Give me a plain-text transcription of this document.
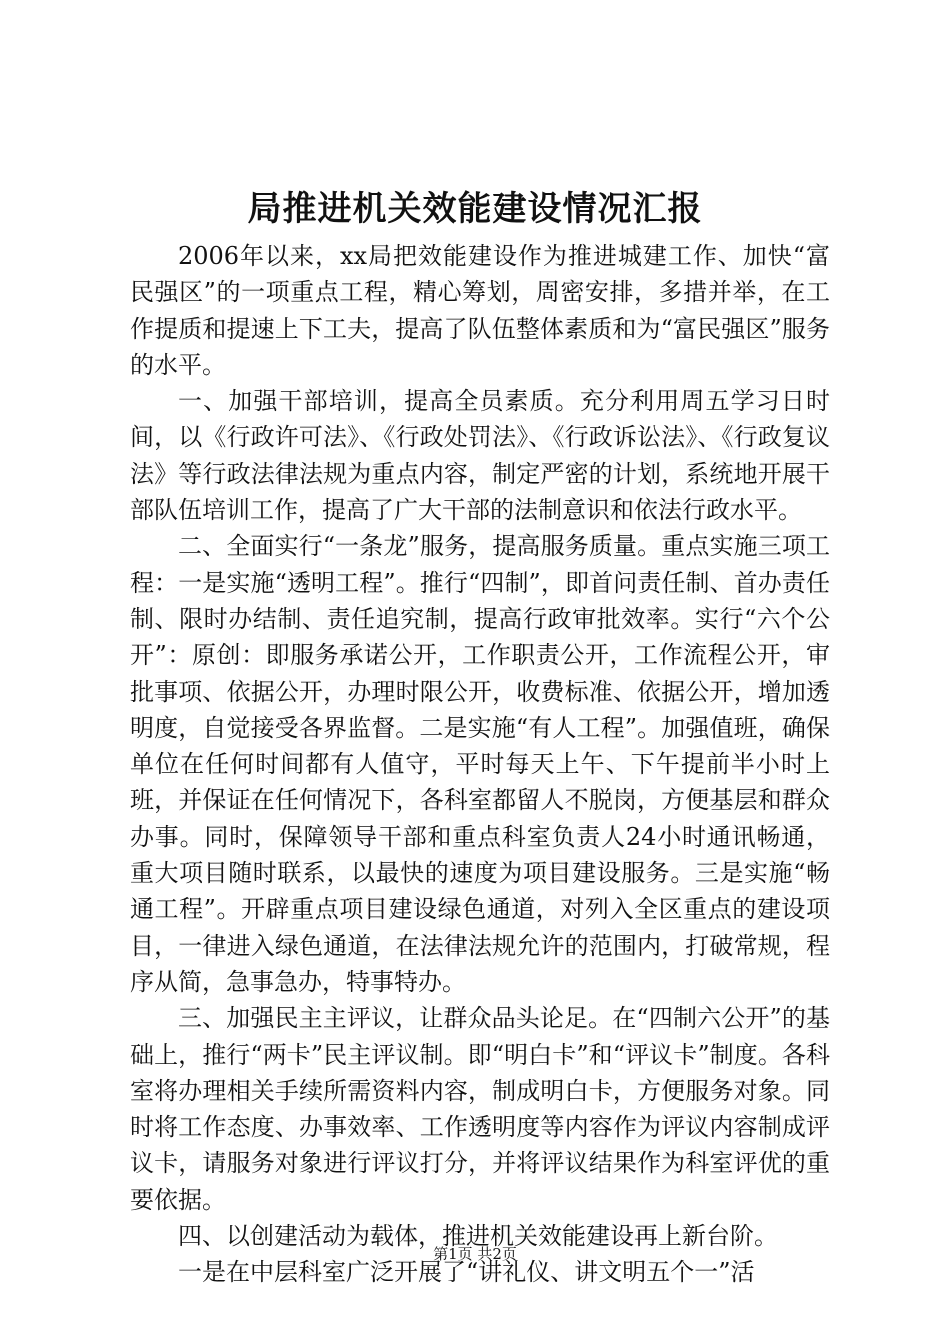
局推进机关效能建设情况汇报

2006年以来，xx局把效能建设作为推进城建工作、加快“富民强区”的一项重点工程，精心筹划，周密安排，多措并举，在工作提质和提速上下工夫，提高了队伍整体素质和为“富民强区”服务的水平。

一、加强干部培训，提高全员素质。充分利用周五学习日时间，以《行政许可法》、《行政处罚法》、《行政诉讼法》、《行政复议法》等行政法律法规为重点内容，制定严密的计划，系统地开展干部队伍培训工作，提高了广大干部的法制意识和依法行政水平。

二、全面实行“一条龙”服务，提高服务质量。重点实施三项工程：一是实施“透明工程”。推行“四制”，即首问责任制、首办责任制、限时办结制、责任追究制，提高行政审批效率。实行“六个公开”：原创：即服务承诺公开，工作职责公开，工作流程公开，审批事项、依据公开，办理时限公开，收费标准、依据公开，增加透明度，自觉接受各界监督。二是实施“有人工程”。加强值班，确保单位在任何时间都有人值守，平时每天上午、下午提前半小时上班，并保证在任何情况下，各科室都留人不脱岗，方便基层和群众办事。同时，保障领导干部和重点科室负责人24小时通讯畅通，重大项目随时联系，以最快的速度为项目建设服务。三是实施“畅通工程”。开辟重点项目建设绿色通道，对列入全区重点的建设项目，一律进入绿色通道，在法律法规允许的范围内，打破常规，程序从简，急事急办，特事特办。

三、加强民主主评议，让群众品头论足。在“四制六公开”的基础上，推行“两卡”民主评议制。即“明白卡”和“评议卡”制度。各科室将办理相关手续所需资料内容，制成明白卡，方便服务对象。同时将工作态度、办事效率、工作透明度等内容作为评议内容制成评议卡，请服务对象进行评议打分，并将评议结果作为科室评优的重要依据。

四、以创建活动为载体，推进机关效能建设再上新台阶。

一是在中层科室广泛开展了“讲礼仪、讲文明五个一”活

第1页 共2页
